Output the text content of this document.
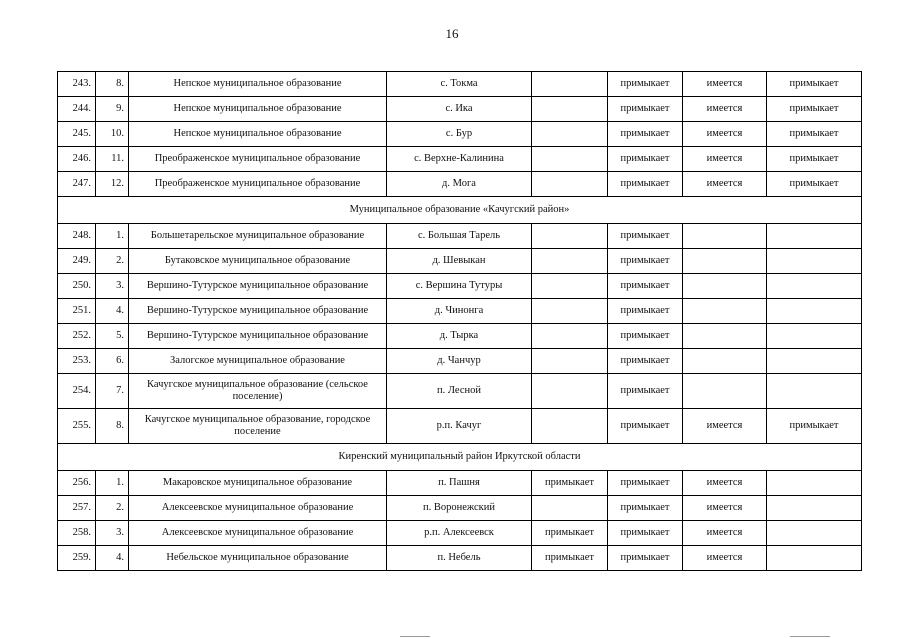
16
243.	8.	Непское муниципальное образование	с. Токма		примыкает	имеется	примыкает
244.	9.	Непское муниципальное образование	с. Ика		примыкает	имеется	примыкает
245.	10.	Непское муниципальное образование	с. Бур		примыкает	имеется	примыкает
246.	11.	Преображенское муниципальное образование	с. Верхне-Калинина		примыкает	имеется	примыкает
247.	12.	Преображенское муниципальное образование	д. Мога		примыкает	имеется	примыкает
Муниципальное образование «Качугский район»							
248.	1.	Большетарельское муниципальное образование	с. Большая Тарель		примыкает		
249.	2.	Бутаковское муниципальное образование	д. Шевыкан		примыкает		
250.	3.	Вершино-Тутурское муниципальное образование	с. Вершина Тутуры		примыкает		
251.	4.	Вершино-Тутурское муниципальное образование	д. Чинонга		примыкает		
252.	5.	Вершино-Тутурское муниципальное образование	д. Тырка		примыкает		
253.	6.	Залогское муниципальное образование	д. Чанчур		примыкает		
254.	7.	Качугское муниципальное образование (сельское поселение)	п. Лесной		примыкает		
255.	8.	Качугское муниципальное образование, городское поселение	р.п. Качуг		примыкает	имеется	примыкает
Киренский муниципальный район Иркутской области							
256.	1.	Макаровское муниципальное образование	п. Пашня	примыкает	примыкает	имеется	
257.	2.	Алексеевское муниципальное образование	п. Воронежский		примыкает	имеется	
258.	3.	Алексеевское муниципальное образование	р.п. Алексеевск	примыкает	примыкает	имеется	
259.	4.	Небельское муниципальное образование	п. Небель	примыкает	примыкает	имеется	
